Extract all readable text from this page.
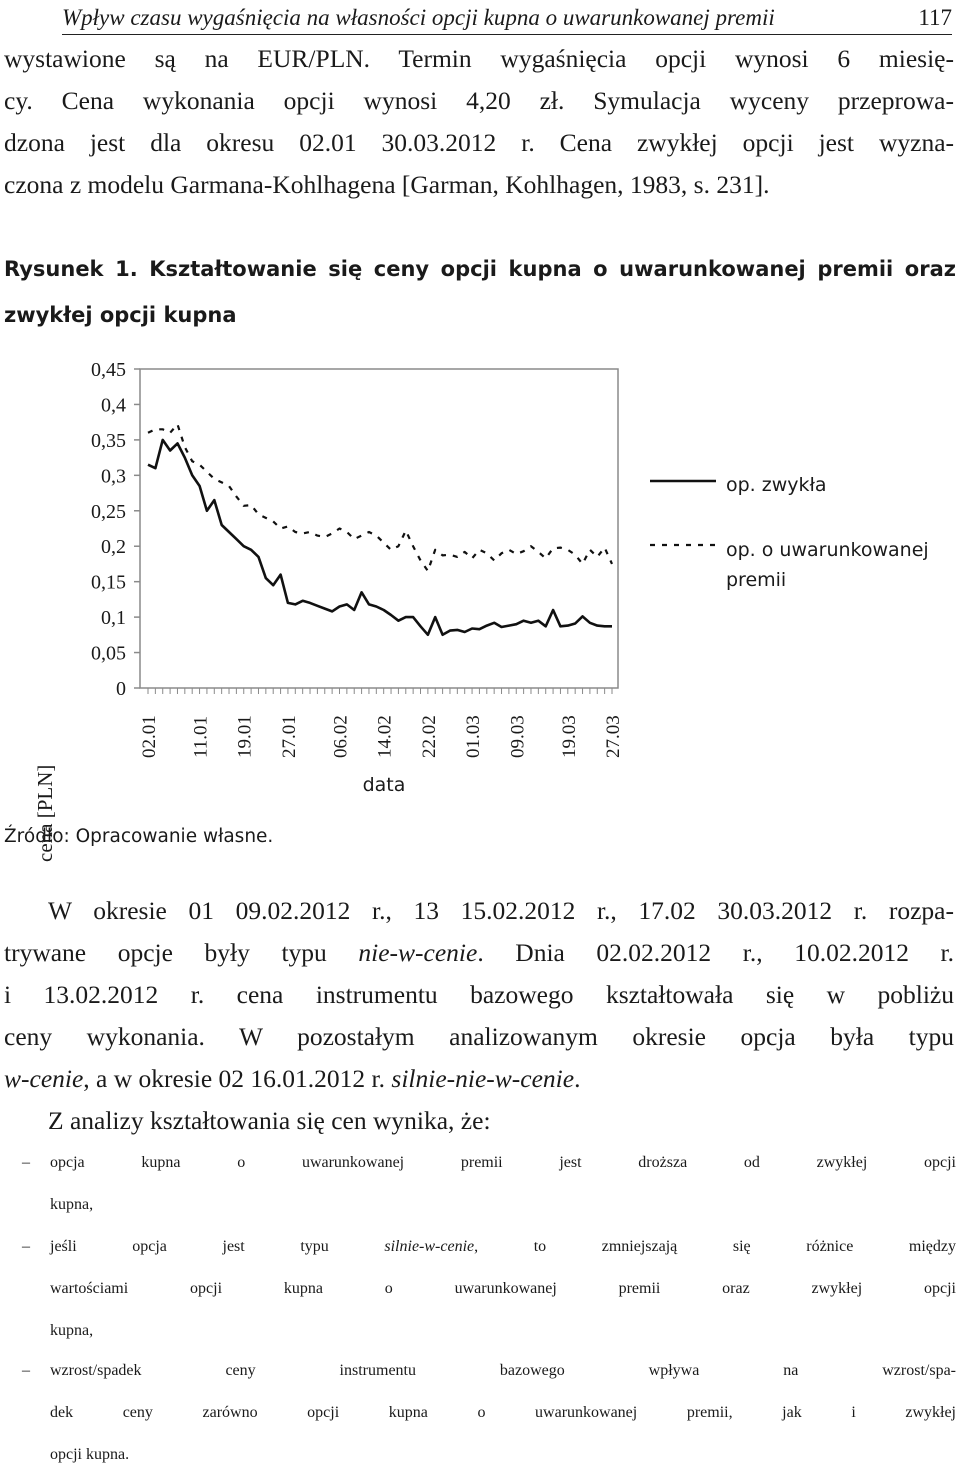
Wpływ czasu wygaśnięcia na własności opcji kupna o uwarunkowanej premii	117
wystawione są na EUR/PLN. Termin wygaśnięcia opcji wynosi 6 miesię-
cy. Cena wykonania opcji wynosi 4,20 zł. Symulacja wyceny przeprowa-
dzona jest dla okresu 02.01 30.03.2012 r. Cena zwykłej opcji jest wyzna-
czona z modelu Garmana-Kohlhagena [Garman, Kohlhagen, 1983, s. 231].
Rysunek 1. Kształtowanie się ceny opcji kupna o uwarunkowanej premii oraz
zwykłej opcji kupna
0
0,05
0,1
0,15
0,2
0,25
0,3
0,35
0,4
0,45
02.01 11.01 19.01 27.01 06.02 14.02 22.02 01.03 09.03 19.03 27.03
op. zwykła
op. o uwarunkowanej
premii
cena [PLN]	data
Źródło: Opracowanie własne.
W okresie 01 09.02.2012 r., 13 15.02.2012 r., 17.02 30.03.2012 r. rozpa-
trywane opcje były typu nie-w-cenie. Dnia 02.02.2012 r., 10.02.2012 r.
i 13.02.2012 r. cena instrumentu bazowego kształtowała się w pobliżu
ceny wykonania. W pozostałym analizowanym okresie opcja była typu
w-cenie, a w okresie 02 16.01.2012 r. silnie-nie-w-cenie.
Z analizy kształtowania się cen wynika, że:
–	opcja kupna o uwarunkowanej premii jest droższa od zwykłej opcji
kupna,
–	jeśli opcja jest typu	silnie-w-cenie, to zmniejszają się różnice między
wartościami opcji kupna o uwarunkowanej premii oraz zwykłej opcji
kupna,
–	wzrost/spadek ceny instrumentu bazowego wpływa na wzrost/spa-
dek ceny zarówno opcji kupna o uwarunkowanej premii, jak i zwykłej
opcji kupna.
